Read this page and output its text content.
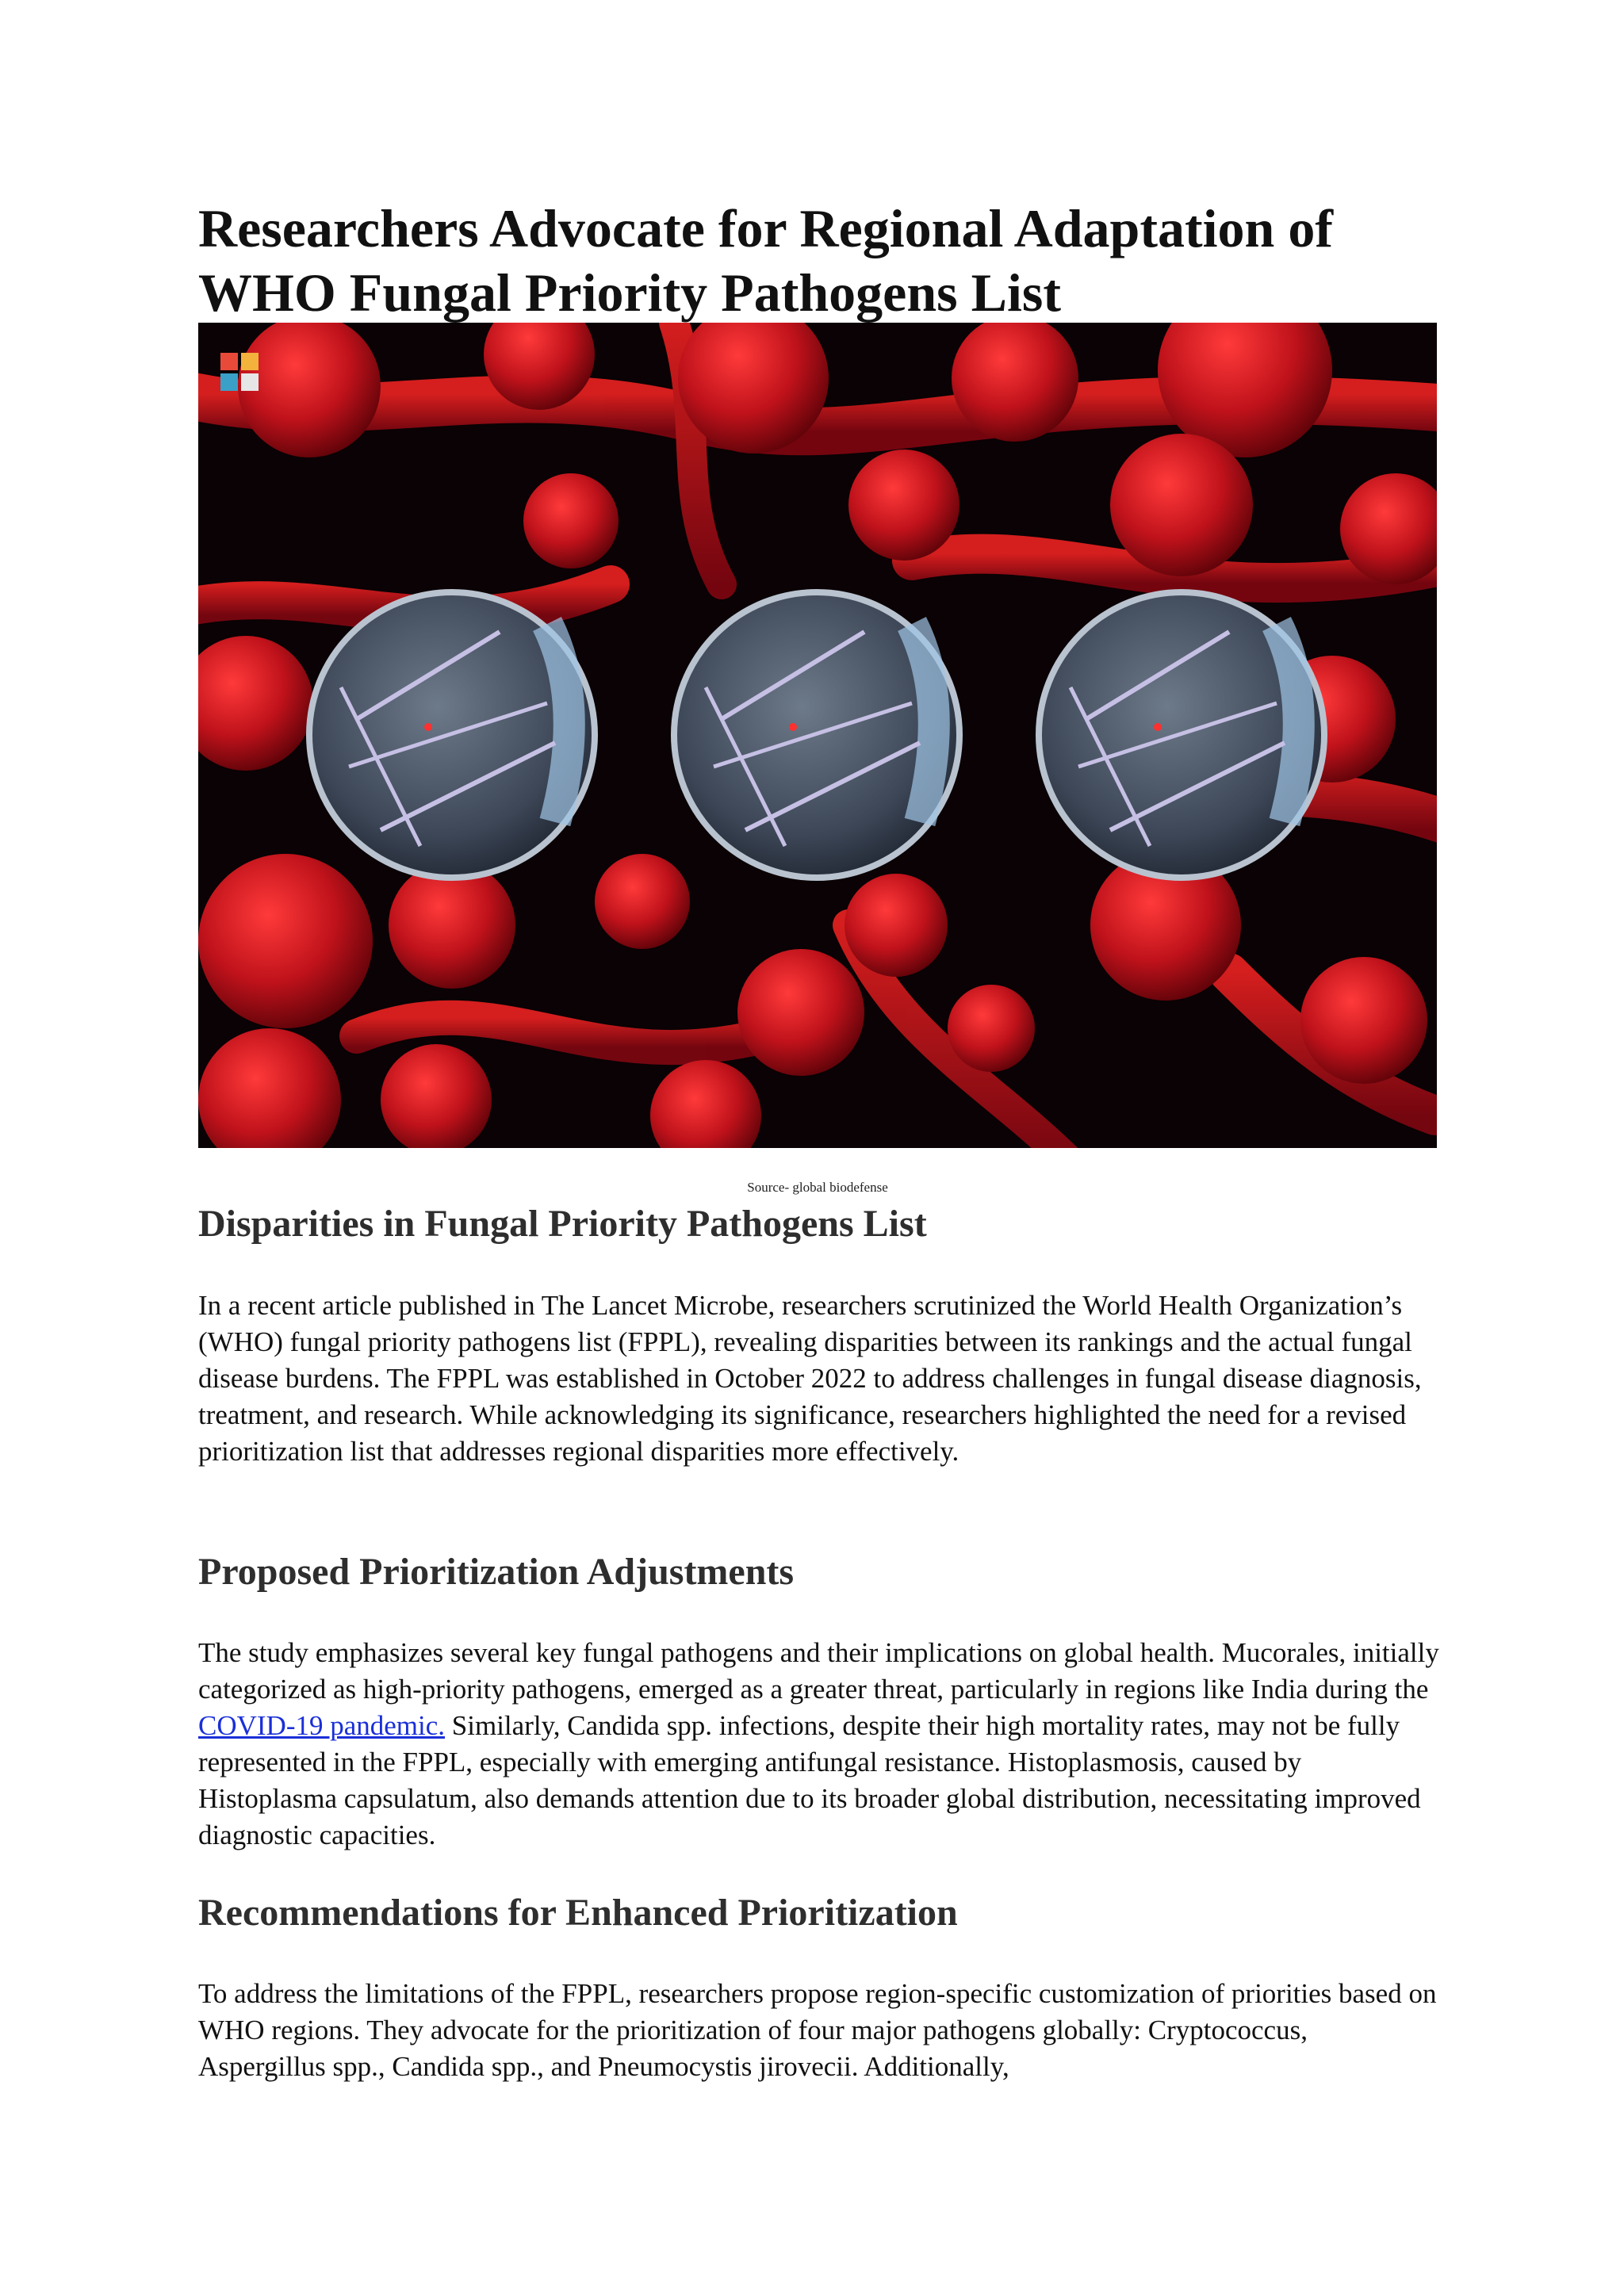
Researchers Advocate for Regional Adaptation of WHO Fungal Priority Pathogens List
Source- global biodefense
Disparities in Fungal Priority Pathogens List

In a recent article published in The Lancet Microbe, researchers scrutinized the World Health Organization’s (WHO) fungal priority pathogens list (FPPL), revealing disparities between its rankings and the actual fungal disease burdens. The FPPL was established in October 2022 to address challenges in fungal disease diagnosis, treatment, and research. While acknowledging its significance, researchers highlighted the need for a revised prioritization list that addresses regional disparities more effectively.

Proposed Prioritization Adjustments

The study emphasizes several key fungal pathogens and their implications on global health. Mucorales, initially categorized as high-priority pathogens, emerged as a greater threat, particularly in regions like India during the COVID-19 pandemic. Similarly, Candida spp. infections, despite their high mortality rates, may not be fully represented in the FPPL, especially with emerging antifungal resistance. Histoplasmosis, caused by Histoplasma capsulatum, also demands attention due to its broader global distribution, necessitating improved diagnostic capacities.

Recommendations for Enhanced Prioritization

To address the limitations of the FPPL, researchers propose region-specific customization of priorities based on WHO regions. They advocate for the prioritization of four major pathogens globally: Cryptococcus, Aspergillus spp., Candida spp., and Pneumocystis jirovecii. Additionally,
